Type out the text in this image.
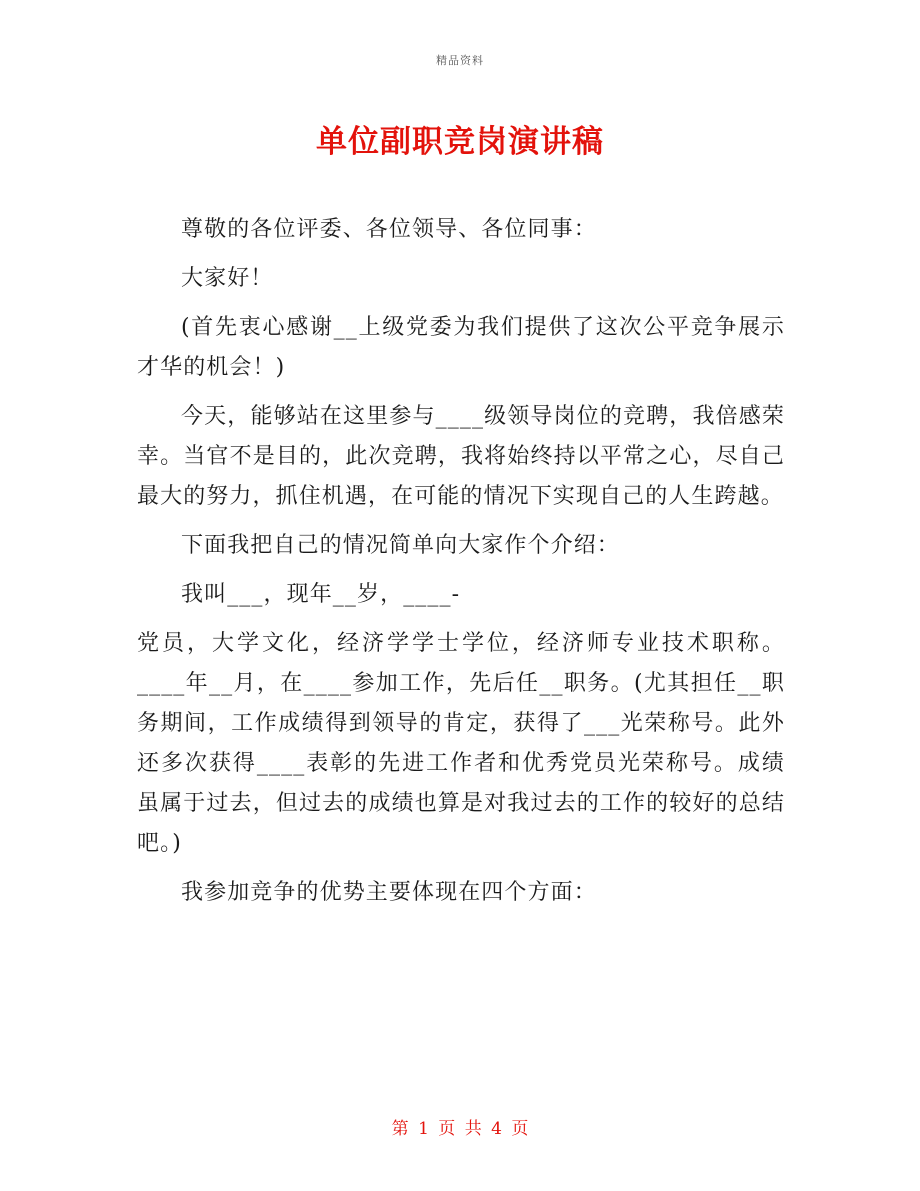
精品资料
单位副职竞岗演讲稿

尊敬的各位评委、各位领导、各位同事：

大家好！

(首先衷心感谢__上级党委为我们提供了这次公平竞争展示才华的机会！)

今天，能够站在这里参与____级领导岗位的竞聘，我倍感荣幸。当官不是目的，此次竞聘，我将始终持以平常之心，尽自己最大的努力，抓住机遇，在可能的情况下实现自己的人生跨越。

下面我把自己的情况简单向大家作个介绍：

我叫___，现年__岁，____-

党员，大学文化，经济学学士学位，经济师专业技术职称。____年__月，在____参加工作，先后任__职务。(尤其担任__职务期间，工作成绩得到领导的肯定，获得了___光荣称号。此外还多次获得____表彰的先进工作者和优秀党员光荣称号。成绩虽属于过去，但过去的成绩也算是对我过去的工作的较好的总结吧。)

我参加竞争的优势主要体现在四个方面：

第 1 页 共 4 页
